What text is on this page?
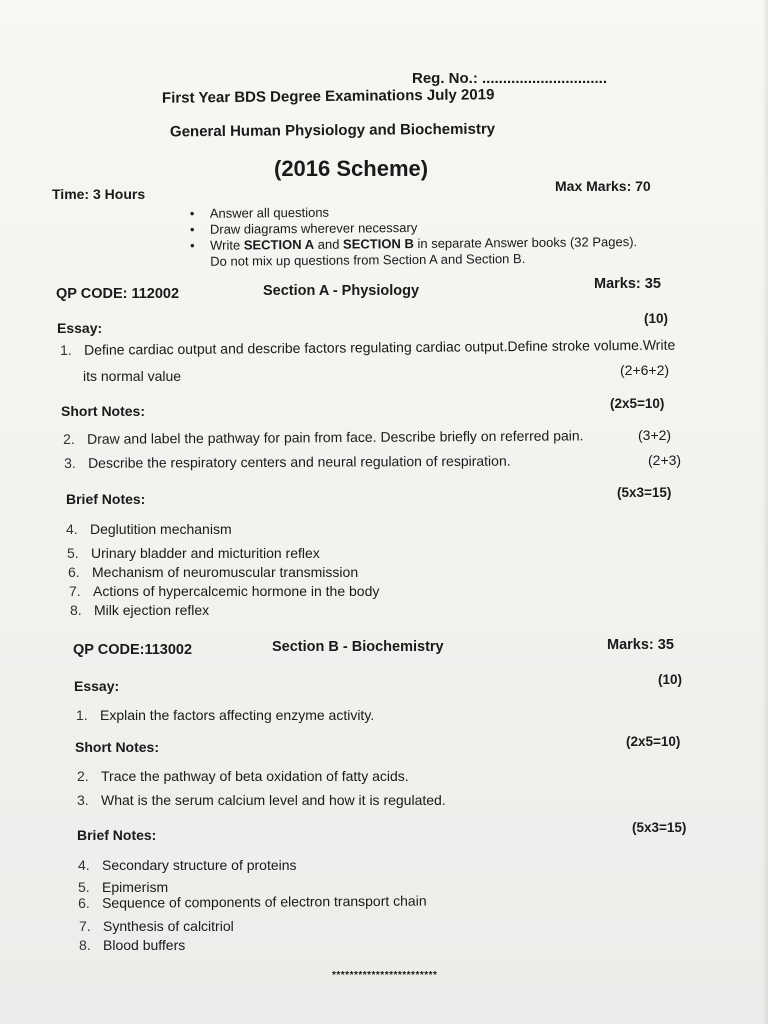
Reg. No.: ..............................
First Year BDS Degree Examinations July 2019
General Human Physiology and Biochemistry
(2016 Scheme)
Time: 3 Hours	Max Marks: 70
•	Answer all questions
•	Draw diagrams wherever necessary
•	Write SECTION A and SECTION B in separate Answer books (32 Pages).
Do not mix up questions from Section A and Section B.
QP CODE: 112002	Section A - Physiology	Marks: 35
Essay:
(10)
1. Define cardiac output and describe factors regulating cardiac output.Define stroke volume.Write
its normal value	(2+6+2)
Short Notes:	(2x5=10)
2. Draw and label the pathway for pain from face. Describe briefly on referred pain.	(3+2)
3. Describe the respiratory centers and neural regulation of respiration.	(2+3)
Brief Notes:	(5x3=15)
4. Deglutition mechanism
5. Urinary bladder and micturition reflex
6. Mechanism of neuromuscular transmission
7. Actions of hypercalcemic hormone in the body
8. Milk ejection reflex
QP CODE:113002	Section B - Biochemistry	Marks: 35
Essay:	(10)
1. Explain the factors affecting enzyme activity.
Short Notes:	(2x5=10)
2. Trace the pathway of beta oxidation of fatty acids.
3. What is the serum calcium level and how it is regulated.
Brief Notes:	(5x3=15)
4. Secondary structure of proteins
5. Epimerism
6. Sequence of components of electron transport chain
7. Synthesis of calcitriol
8. Blood buffers
************************
